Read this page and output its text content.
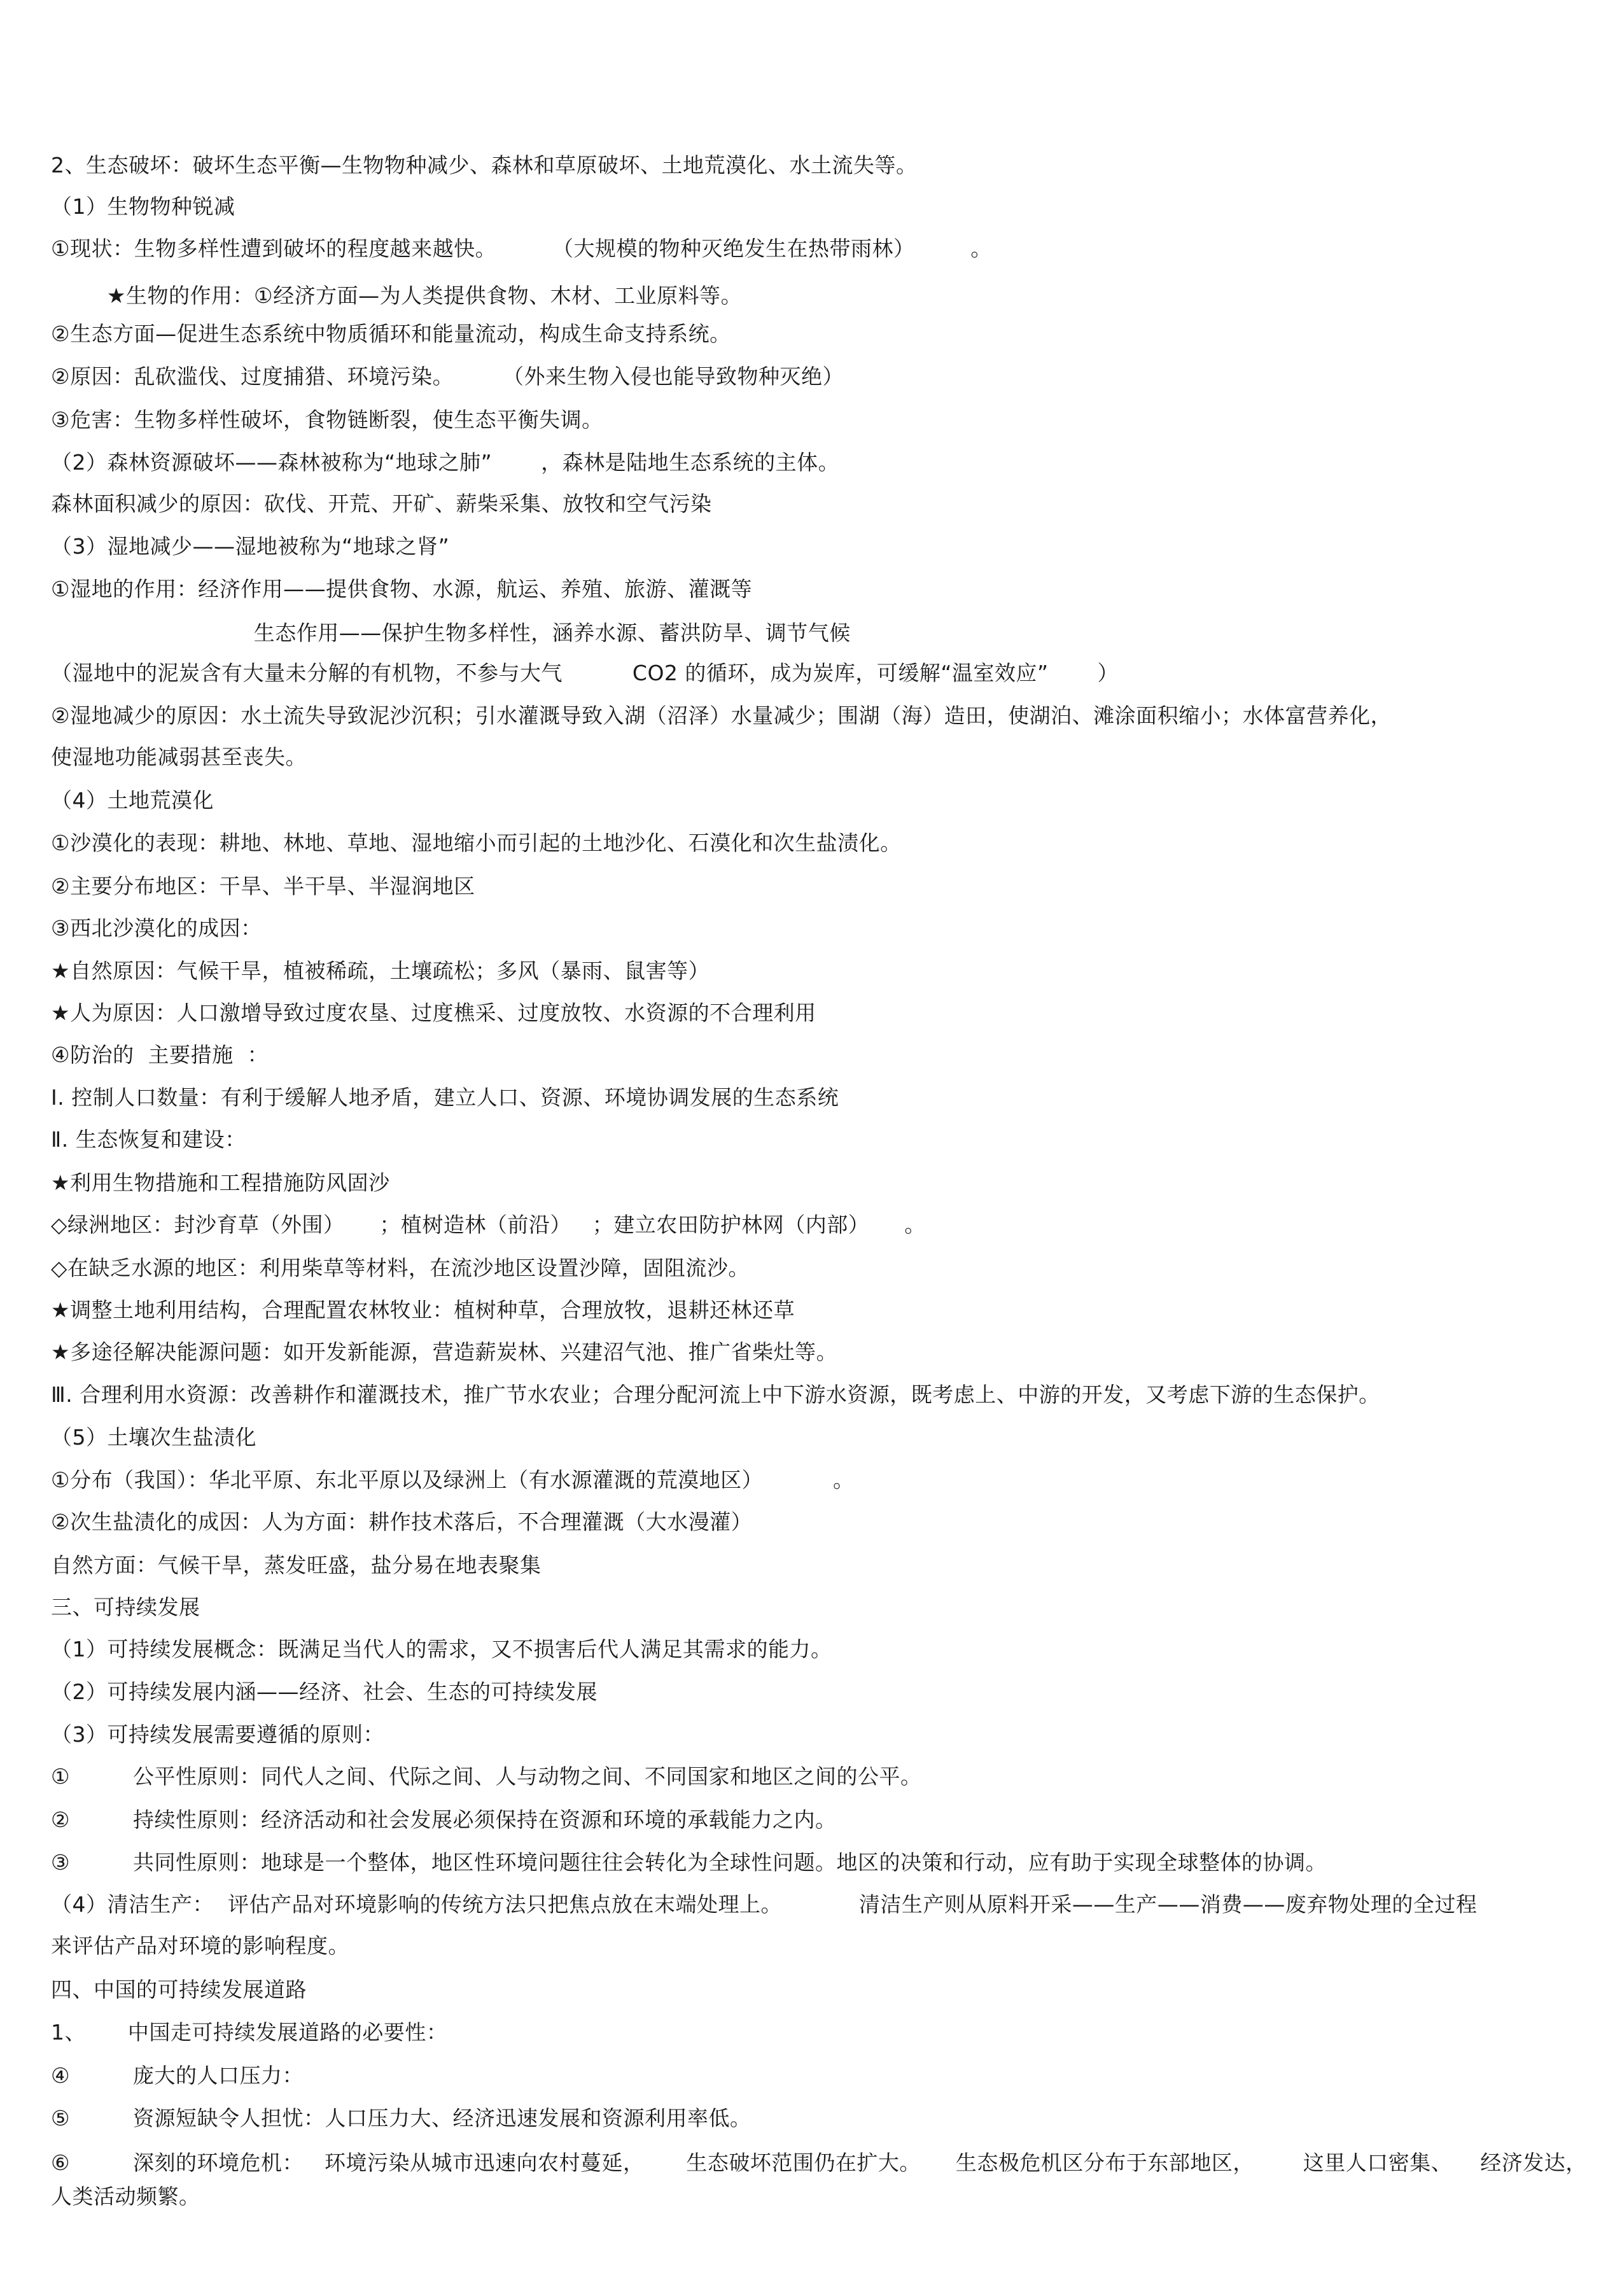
2、生态破坏：破坏生态平衡—生物物种减少、森林和草原破坏、土地荒漠化、水土流失等。
（1）生物物种锐减
①现状：生物多样性遭到破坏的程度越来越快。        （大规模的物种灭绝发生在热带雨林）        。
★生物的作用：①经济方面—为人类提供食物、木材、工业原料等。
②生态方面—促进生态系统中物质循环和能量流动，构成生命支持系统。
②原因：乱砍滥伐、过度捕猎、环境污染。       （外来生物入侵也能导致物种灭绝）
③危害：生物多样性破坏，食物链断裂，使生态平衡失调。
（2）森林资源破坏——森林被称为“地球之肺”       ，森林是陆地生态系统的主体。
森林面积减少的原因：砍伐、开荒、开矿、薪柴采集、放牧和空气污染
（3）湿地减少——湿地被称为“地球之肾”
①湿地的作用：经济作用——提供食物、水源，航运、养殖、旅游、灌溉等
生态作用——保护生物多样性，涵养水源、蓄洪防旱、调节气候
（湿地中的泥炭含有大量未分解的有机物，不参与大气          CO2 的循环，成为炭库，可缓解“温室效应”       ）
②湿地减少的原因：水土流失导致泥沙沉积；引水灌溉导致入湖（沼泽）水量减少；围湖（海）造田，使湖泊、滩涂面积缩小；水体富营养化，
使湿地功能减弱甚至丧失。
（4）土地荒漠化
①沙漠化的表现：耕地、林地、草地、湿地缩小而引起的土地沙化、石漠化和次生盐渍化。
②主要分布地区：干旱、半干旱、半湿润地区
③西北沙漠化的成因：
★自然原因：气候干旱，植被稀疏，土壤疏松；多风（暴雨、鼠害等）
★人为原因：人口激增导致过度农垦、过度樵采、过度放牧、水资源的不合理利用
④防治的  主要措施  ：
Ⅰ. 控制人口数量：有利于缓解人地矛盾，建立人口、资源、环境协调发展的生态系统
Ⅱ. 生态恢复和建设：
★利用生物措施和工程措施防风固沙
◇绿洲地区：封沙育草（外围）     ；植树造林（前沿）   ；建立农田防护林网（内部）     。
◇在缺乏水源的地区：利用柴草等材料，在流沙地区设置沙障，固阻流沙。
★调整土地利用结构，合理配置农林牧业：植树种草，合理放牧，退耕还林还草
★多途径解决能源问题：如开发新能源，营造薪炭林、兴建沼气池、推广省柴灶等。
Ⅲ. 合理利用水资源：改善耕作和灌溉技术，推广节水农业；合理分配河流上中下游水资源，既考虑上、中游的开发，又考虑下游的生态保护。
（5）土壤次生盐渍化
①分布（我国）：华北平原、东北平原以及绿洲上（有水源灌溉的荒漠地区）          。
②次生盐渍化的成因：人为方面：耕作技术落后，不合理灌溉（大水漫灌）
自然方面：气候干旱，蒸发旺盛，盐分易在地表聚集
三、可持续发展
（1）可持续发展概念：既满足当代人的需求，又不损害后代人满足其需求的能力。
（2）可持续发展内涵——经济、社会、生态的可持续发展
（3）可持续发展需要遵循的原则：
①         公平性原则：同代人之间、代际之间、人与动物之间、不同国家和地区之间的公平。
②         持续性原则：经济活动和社会发展必须保持在资源和环境的承载能力之内。
③         共同性原则：地球是一个整体，地区性环境问题往往会转化为全球性问题。地区的决策和行动，应有助于实现全球整体的协调。
（4）清洁生产：  评估产品对环境影响的传统方法只把焦点放在末端处理上。           清洁生产则从原料开采——生产——消费——废弃物处理的全过程
来评估产品对环境的影响程度。
四、中国的可持续发展道路
1、      中国走可持续发展道路的必要性：
④         庞大的人口压力：
⑤         资源短缺令人担忧：人口压力大、经济迅速发展和资源利用率低。
⑥         深刻的环境危机：   环境污染从城市迅速向农村蔓延，      生态破坏范围仍在扩大。     生态极危机区分布于东部地区，       这里人口密集、    经济发达，
人类活动频繁。
